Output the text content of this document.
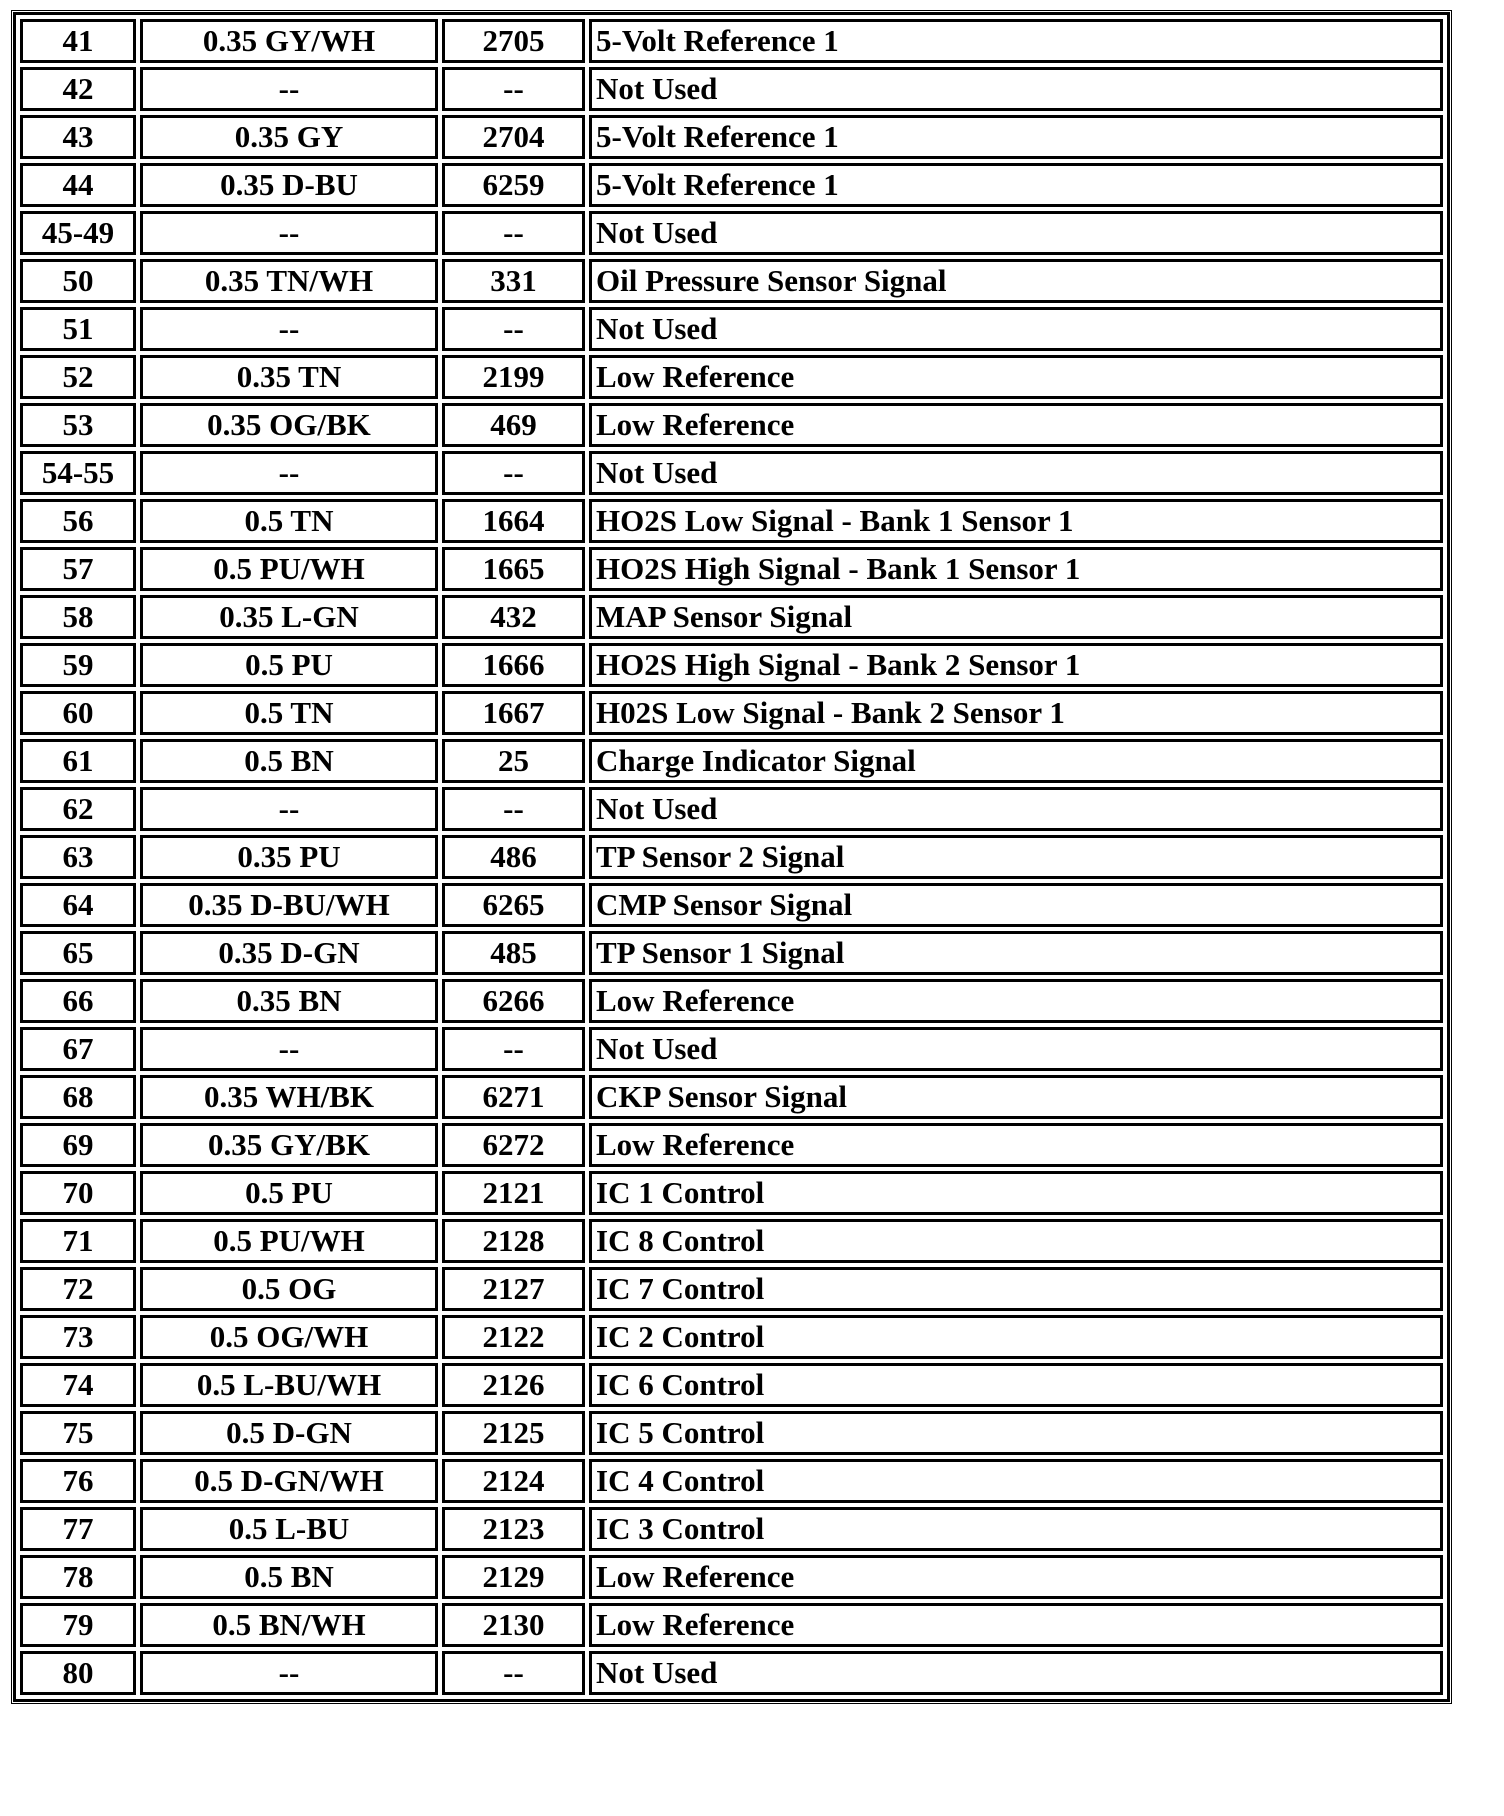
41	0.35 GY/WH	2705	5-Volt Reference 1
42	--	--	Not Used
43	0.35 GY	2704	5-Volt Reference 1
44	0.35 D-BU	6259	5-Volt Reference 1
45-49	--	--	Not Used
50	0.35 TN/WH	331	Oil Pressure Sensor Signal
51	--	--	Not Used
52	0.35 TN	2199	Low Reference
53	0.35 OG/BK	469	Low Reference
54-55	--	--	Not Used
56	0.5 TN	1664	HO2S Low Signal - Bank 1 Sensor 1
57	0.5 PU/WH	1665	HO2S High Signal - Bank 1 Sensor 1
58	0.35 L-GN	432	MAP Sensor Signal
59	0.5 PU	1666	HO2S High Signal - Bank 2 Sensor 1
60	0.5 TN	1667	H02S Low Signal - Bank 2 Sensor 1
61	0.5 BN	25	Charge Indicator Signal
62	--	--	Not Used
63	0.35 PU	486	TP Sensor 2 Signal
64	0.35 D-BU/WH	6265	CMP Sensor Signal
65	0.35 D-GN	485	TP Sensor 1 Signal
66	0.35 BN	6266	Low Reference
67	--	--	Not Used
68	0.35 WH/BK	6271	CKP Sensor Signal
69	0.35 GY/BK	6272	Low Reference
70	0.5 PU	2121	IC 1 Control
71	0.5 PU/WH	2128	IC 8 Control
72	0.5 OG	2127	IC 7 Control
73	0.5 OG/WH	2122	IC 2 Control
74	0.5 L-BU/WH	2126	IC 6 Control
75	0.5 D-GN	2125	IC 5 Control
76	0.5 D-GN/WH	2124	IC 4 Control
77	0.5 L-BU	2123	IC 3 Control
78	0.5 BN	2129	Low Reference
79	0.5 BN/WH	2130	Low Reference
80	--	--	Not Used
